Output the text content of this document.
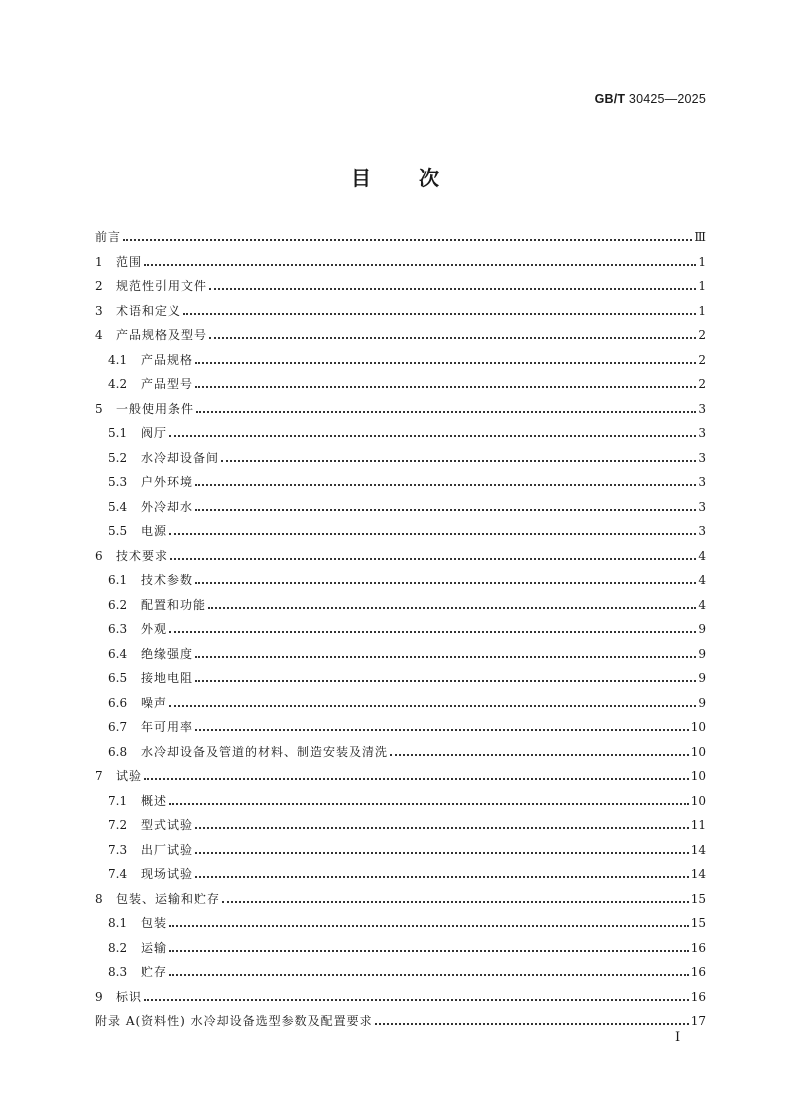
GB/T 30425—2025
目 次
前言	Ⅲ
1	范围	1
2	规范性引用文件	1
3	术语和定义	1
4	产品规格及型号	2
4.1	产品规格	2
4.2	产品型号	2
5	一般使用条件	3
5.1	阀厅	3
5.2	水冷却设备间	3
5.3	户外环境	3
5.4	外冷却水	3
5.5	电源	3
6	技术要求	4
6.1	技术参数	4
6.2	配置和功能	4
6.3	外观	9
6.4	绝缘强度	9
6.5	接地电阻	9
6.6	噪声	9
6.7	年可用率	10
6.8	水冷却设备及管道的材料、制造安装及清洗	10
7	试验	10
7.1	概述	10
7.2	型式试验	11
7.3	出厂试验	14
7.4	现场试验	14
8	包装、运输和贮存	15
8.1	包装	15
8.2	运输	16
8.3	贮存	16
9	标识	16
附录 A(资料性) 水冷却设备选型参数及配置要求	17
I
